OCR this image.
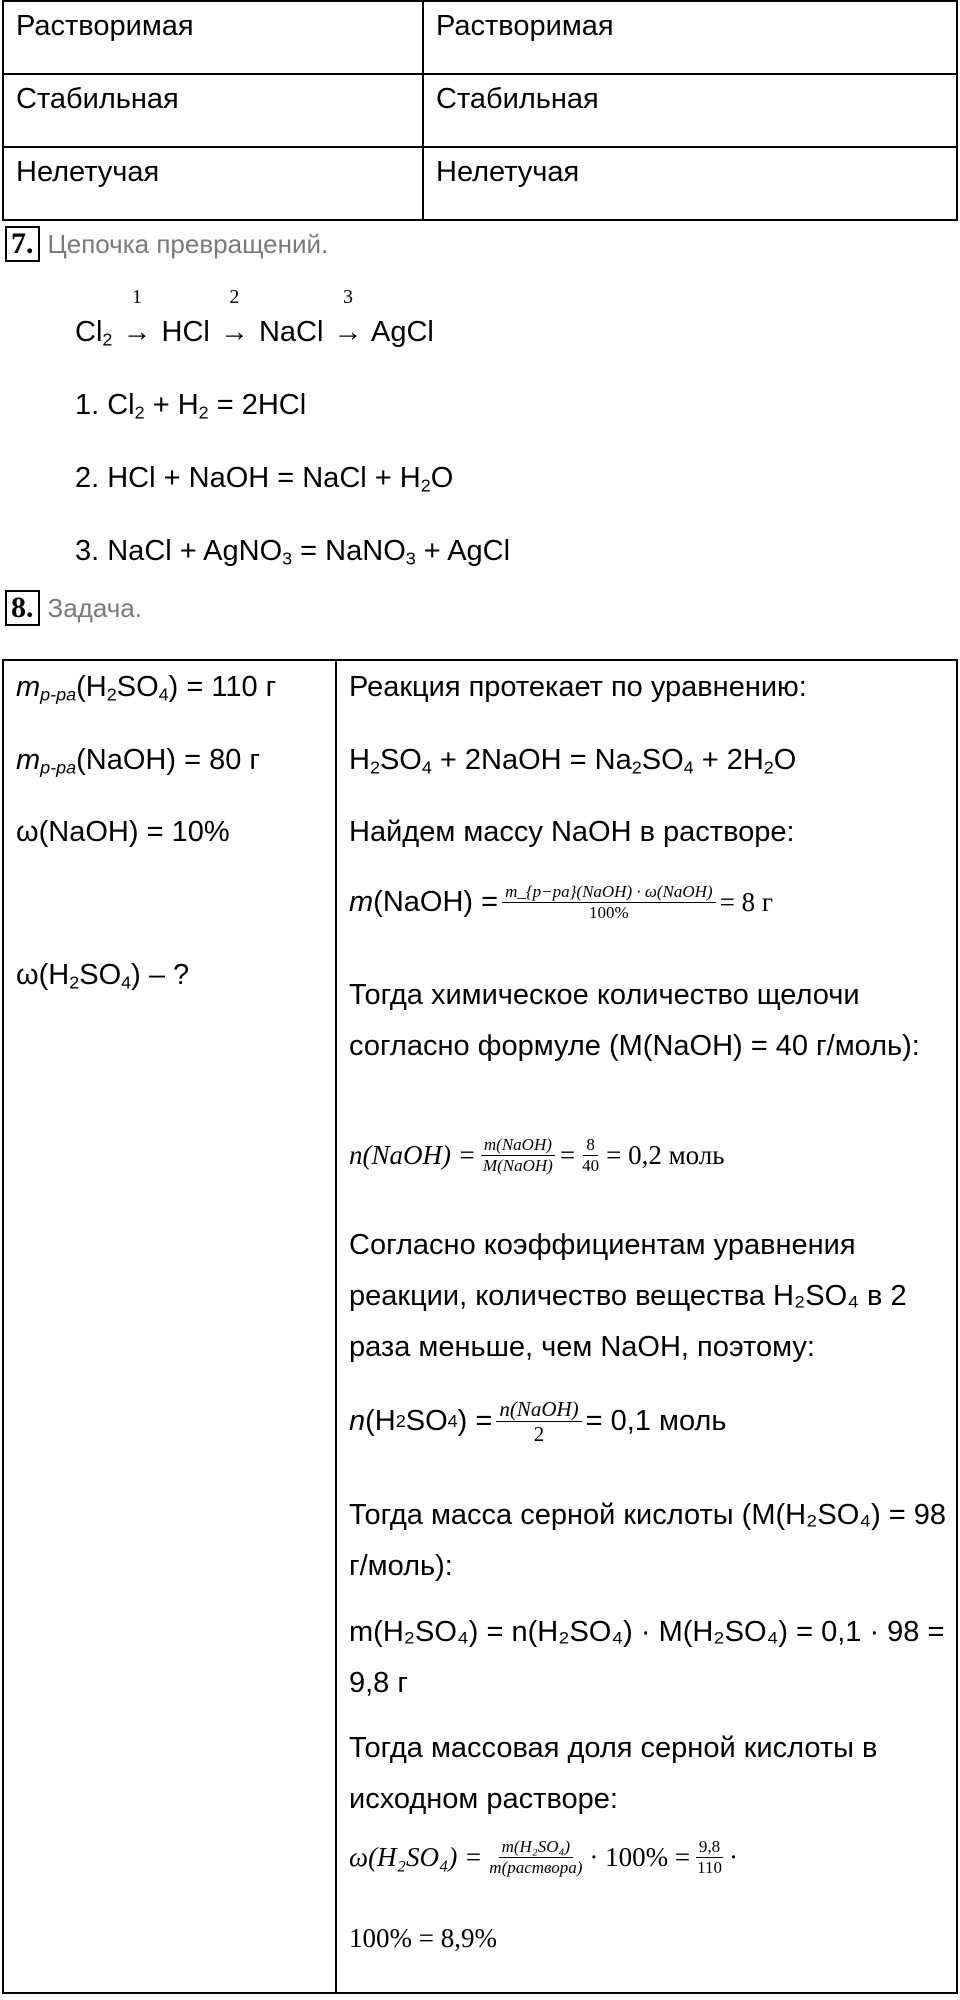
Растворимая	Растворимая
Стабильная	Стабильная
Нелетучая	Нелетучая
7. Цепочка превращений.
$Cl_2$
1
→ HCl
2
→ NaCl
3
→ AgCl
1. $Cl_2 + H_2 = 2HCl$
2. HCl + NaOH = NaCl + $H_2O$
3. NaCl + AgNO$_3$ = NaNO$_3$ + AgCl
8. Задача.
$m_{р-ра}(H_2SO_4) = 110$ г
$m_{р-ра}(NaOH) = 80$ г
ω(NaOH) = 10%
$\omega(H_2SO_4)$ – ?

Реакция протекает по уравнению:
$H_2SO_4$ + 2NaOH = $Na_2SO_4 + 2H_2O$
Найдем массу NaOH в растворе:
m (NaOH) = $\frac{\text{m\_\{р−ра\}(NaOH) · ω(NaOH)}}{100\%} = 8$ г
Тогда химическое количество щелочи согласно формуле (M(NaOH) = 40 г/моль):
n(NaOH) = $\frac{\text{m(NaOH)}}{\text{M(NaOH)}} = \frac{8}{40} = 0,2$ моль
Согласно коэффициентам уравнения реакции, количество вещества H₂SO₄ в 2 раза меньше, чем NaOH, поэтому:
n (H 2 SO 4 ) = $\frac{\text{n(NaOH)}}{2} = 0,1$ моль
Тогда масса серной кислоты (M(H₂SO₄) = 98 г/моль):
m(H₂SO₄) = n(H₂SO₄) · M(H₂SO₄) = 0,1 · 98 = 9,8 г
Тогда массовая доля серной кислоты в исходном растворе:
$\omega(H_2SO_4) = \frac{\text{m(H₂SO₄)}}{\text{m(раствора)}} \cdot 100\% = \frac{9,8}{110}$ ·
100% = 8,9%
